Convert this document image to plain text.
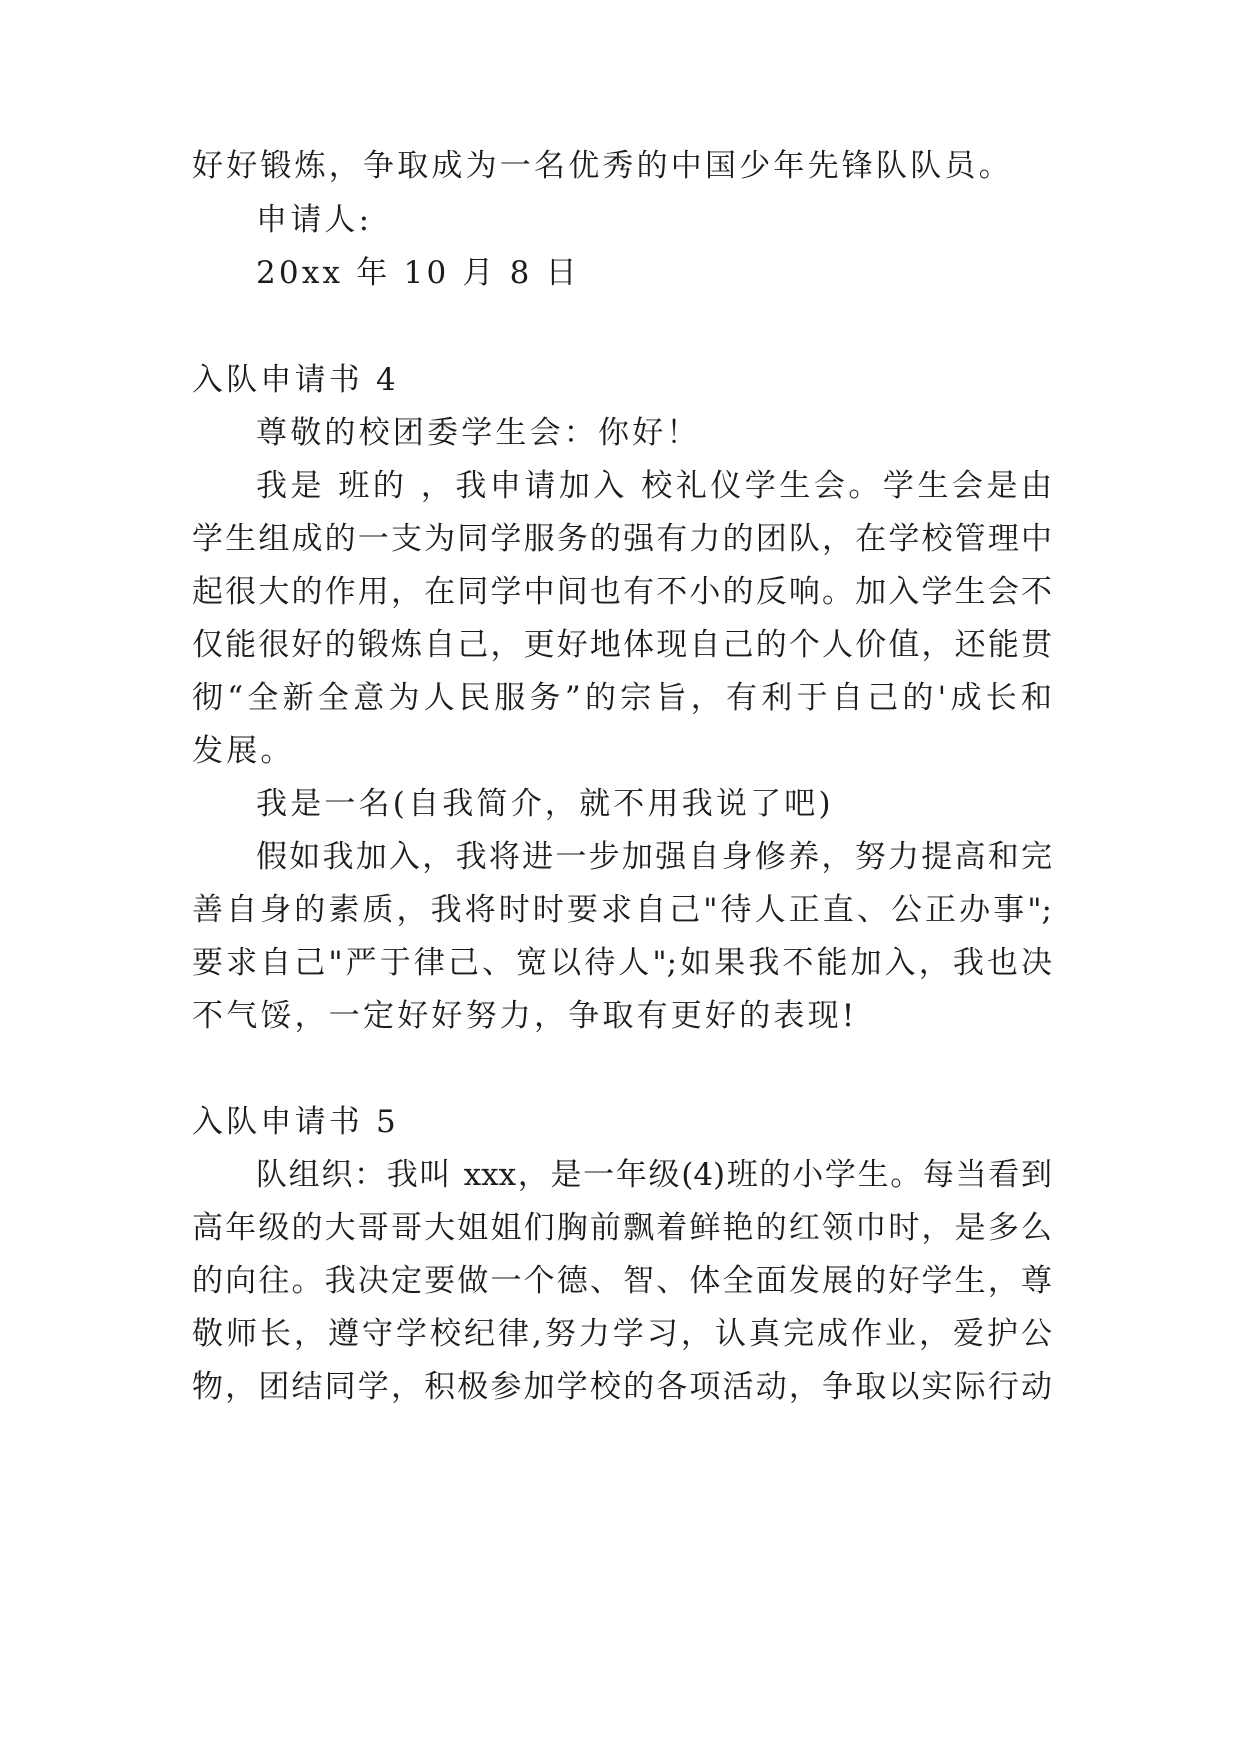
好好锻炼，争取成为一名优秀的中国少年先锋队队员。
申请人:
20xx 年 10 月 8 日
入队申请书 4
尊敬的校团委学生会：你好！
我是 班的 ，我申请加入 校礼仪学生会。学生会是由
学生组成的一支为同学服务的强有力的团队，在学校管理中
起很大的作用，在同学中间也有不小的反响。加入学生会不
仅能很好的锻炼自己，更好地体现自己的个人价值，还能贯
彻“全新全意为人民服务”的宗旨，有利于自己的'成长和
发展。
我是一名(自我简介，就不用我说了吧)
假如我加入，我将进一步加强自身修养，努力提高和完
善自身的素质，我将时时要求自己"待人正直、公正办事";
要求自己"严于律己、宽以待人";如果我不能加入，我也决
不气馁，一定好好努力，争取有更好的表现!
入队申请书 5
队组织：我叫 xxx，是一年级(4)班的小学生。每当看到
高年级的大哥哥大姐姐们胸前飘着鲜艳的红领巾时，是多么
的向往。我决定要做一个德、智、体全面发展的好学生，尊
敬师长，遵守学校纪律,努力学习，认真完成作业，爱护公
物，团结同学，积极参加学校的各项活动，争取以实际行动
